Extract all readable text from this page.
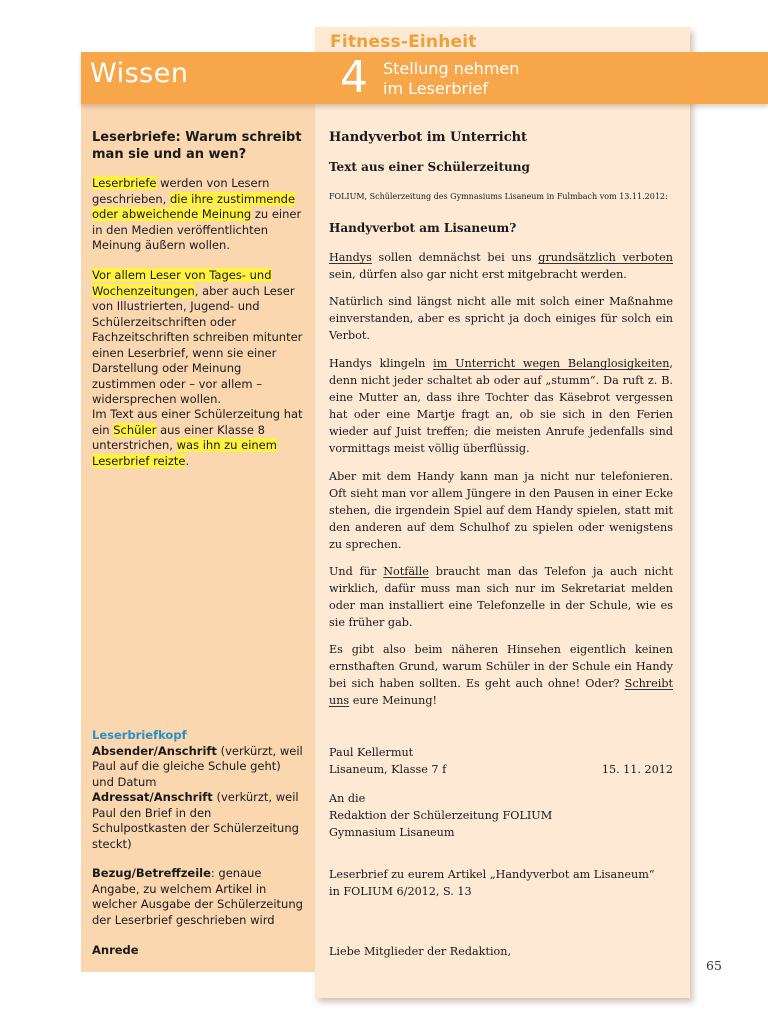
Fitness-Einheit
Wissen	4 Stellung nehmen
im Leserbrief
Leserbriefe: Warum schreibt man sie und an wen?
Leserbriefe werden von Lesern geschrieben, die ihre zustimmende oder abweichende Meinung zu einer in den Medien veröffentlichten Meinung äußern wollen.
Vor allem Leser von Tages- und Wochenzeitungen, aber auch Leser von Illustrierten, Jugend- und Schülerzeitschriften oder Fachzeitschriften schreiben mitunter einen Leserbrief, wenn sie einer Darstellung oder Meinung zustimmen oder – vor allem – widersprechen wollen.
Im Text aus einer Schülerzeitung hat ein Schüler aus einer Klasse 8 unterstrichen, was ihn zu einem Leserbrief reizte.
Leserbriefkopf
Absender/Anschrift (verkürzt, weil Paul auf die gleiche Schule geht) und Datum
Adressat/Anschrift (verkürzt, weil Paul den Brief in den Schulpostkasten der Schülerzeitung steckt)
Bezug/Betreffzeile: genaue Angabe, zu welchem Artikel in welcher Ausgabe der Schülerzeitung der Leserbrief geschrieben wird
Anrede
Handyverbot im Unterricht
Text aus einer Schülerzeitung
FOLIUM, Schülerzeitung des Gymnasiums Lisaneum in Fulmbach vom 13.11.2012:
Handyverbot am Lisaneum?
Handys sollen demnächst bei uns grundsätzlich verboten sein, dürfen also gar nicht erst mitgebracht werden.
Natürlich sind längst nicht alle mit solch einer Maßnahme einverstanden, aber es spricht ja doch einiges für solch ein Verbot.
Handys klingeln im Unterricht wegen Belanglosigkeiten, denn nicht jeder schaltet ab oder auf „stumm“. Da ruft z. B. eine Mutter an, dass ihre Tochter das Käsebrot vergessen hat oder eine Martje fragt an, ob sie sich in den Ferien wieder auf Juist treffen; die meisten Anrufe jedenfalls sind vormittags meist völlig überflüssig.
Aber mit dem Handy kann man ja nicht nur telefonieren. Oft sieht man vor allem Jüngere in den Pausen in einer Ecke stehen, die irgendein Spiel auf dem Handy spielen, statt mit den anderen auf dem Schulhof zu spielen oder wenigstens zu sprechen.
Und für Notfälle braucht man das Telefon ja auch nicht wirklich, dafür muss man sich nur im Sekretariat melden oder man installiert eine Telefonzelle in der Schule, wie es sie früher gab.
Es gibt also beim näheren Hinsehen eigentlich keinen ernsthaften Grund, warum Schüler in der Schule ein Handy bei sich haben sollten. Es geht auch ohne! Oder? Schreibt uns eure Meinung!
Paul Kellermut
Lisaneum, Klasse 7 f	15. 11. 2012
An die
Redaktion der Schülerzeitung FOLIUM
Gymnasium Lisaneum
Leserbrief zu eurem Artikel „Handyverbot am Lisaneum“
in FOLIUM 6/2012, S. 13
Liebe Mitglieder der Redaktion,
65
